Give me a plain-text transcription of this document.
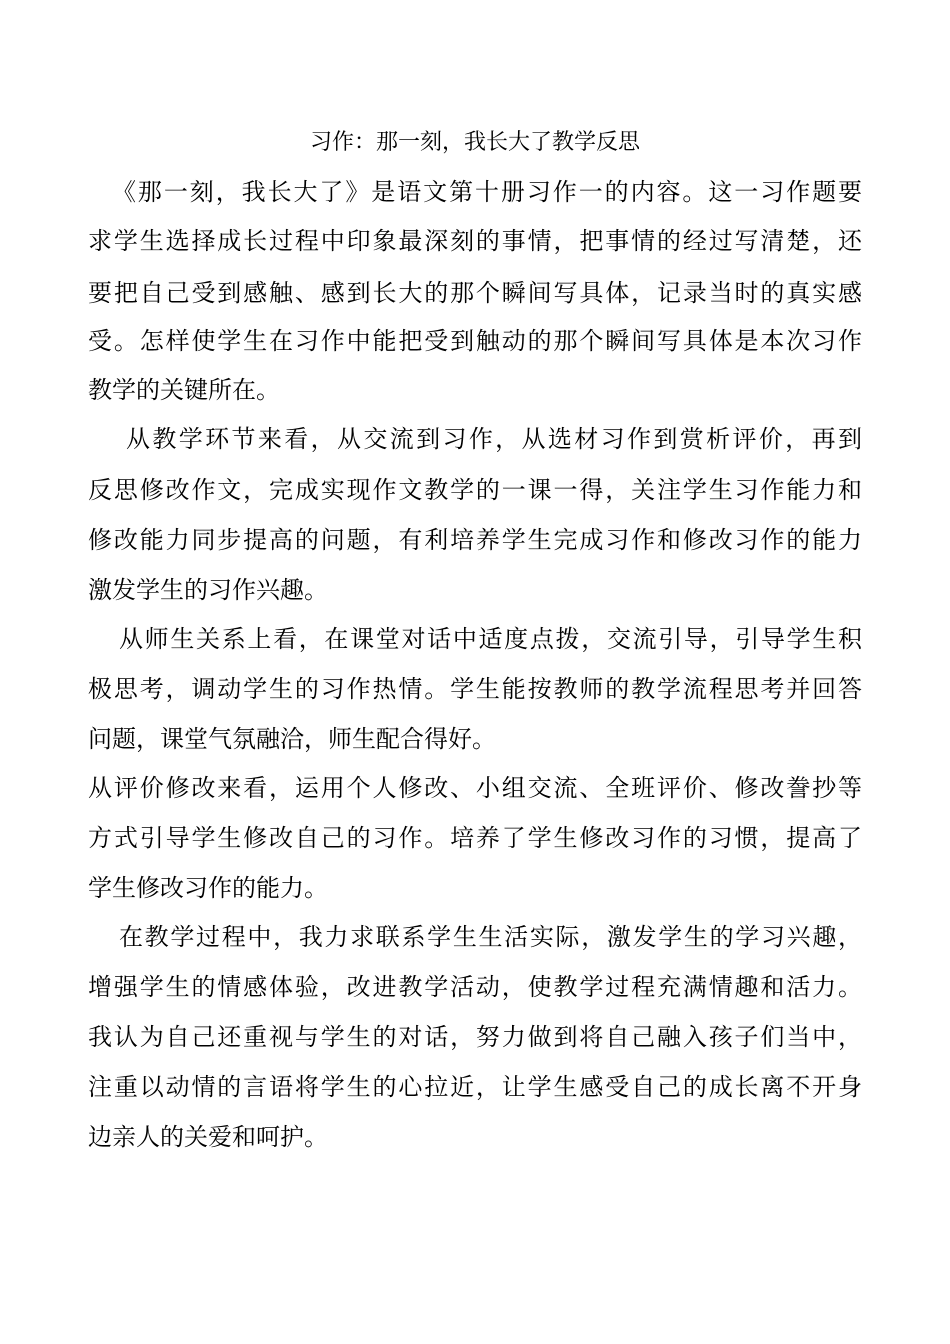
习作：那一刻，我长大了教学反思
《那一刻，我长大了》是语文第十册习作一的内容。这一习作题要
求学生选择成长过程中印象最深刻的事情，把事情的经过写清楚，还
要把自己受到感触、感到长大的那个瞬间写具体，记录当时的真实感
受。怎样使学生在习作中能把受到触动的那个瞬间写具体是本次习作
教学的关键所在。
从教学环节来看，从交流到习作，从选材习作到赏析评价，再到
反思修改作文，完成实现作文教学的一课一得，关注学生习作能力和
修改能力同步提高的问题，有利培养学生完成习作和修改习作的能力
激发学生的习作兴趣。
从师生关系上看，在课堂对话中适度点拨，交流引导，引导学生积
极思考，调动学生的习作热情。学生能按教师的教学流程思考并回答
问题，课堂气氛融洽，师生配合得好。
从评价修改来看，运用个人修改、小组交流、全班评价、修改誊抄等
方式引导学生修改自己的习作。培养了学生修改习作的习惯，提高了
学生修改习作的能力。
在教学过程中，我力求联系学生生活实际，激发学生的学习兴趣，
增强学生的情感体验，改进教学活动，使教学过程充满情趣和活力。
我认为自己还重视与学生的对话，努力做到将自己融入孩子们当中，
注重以动情的言语将学生的心拉近，让学生感受自己的成长离不开身
边亲人的关爱和呵护。
